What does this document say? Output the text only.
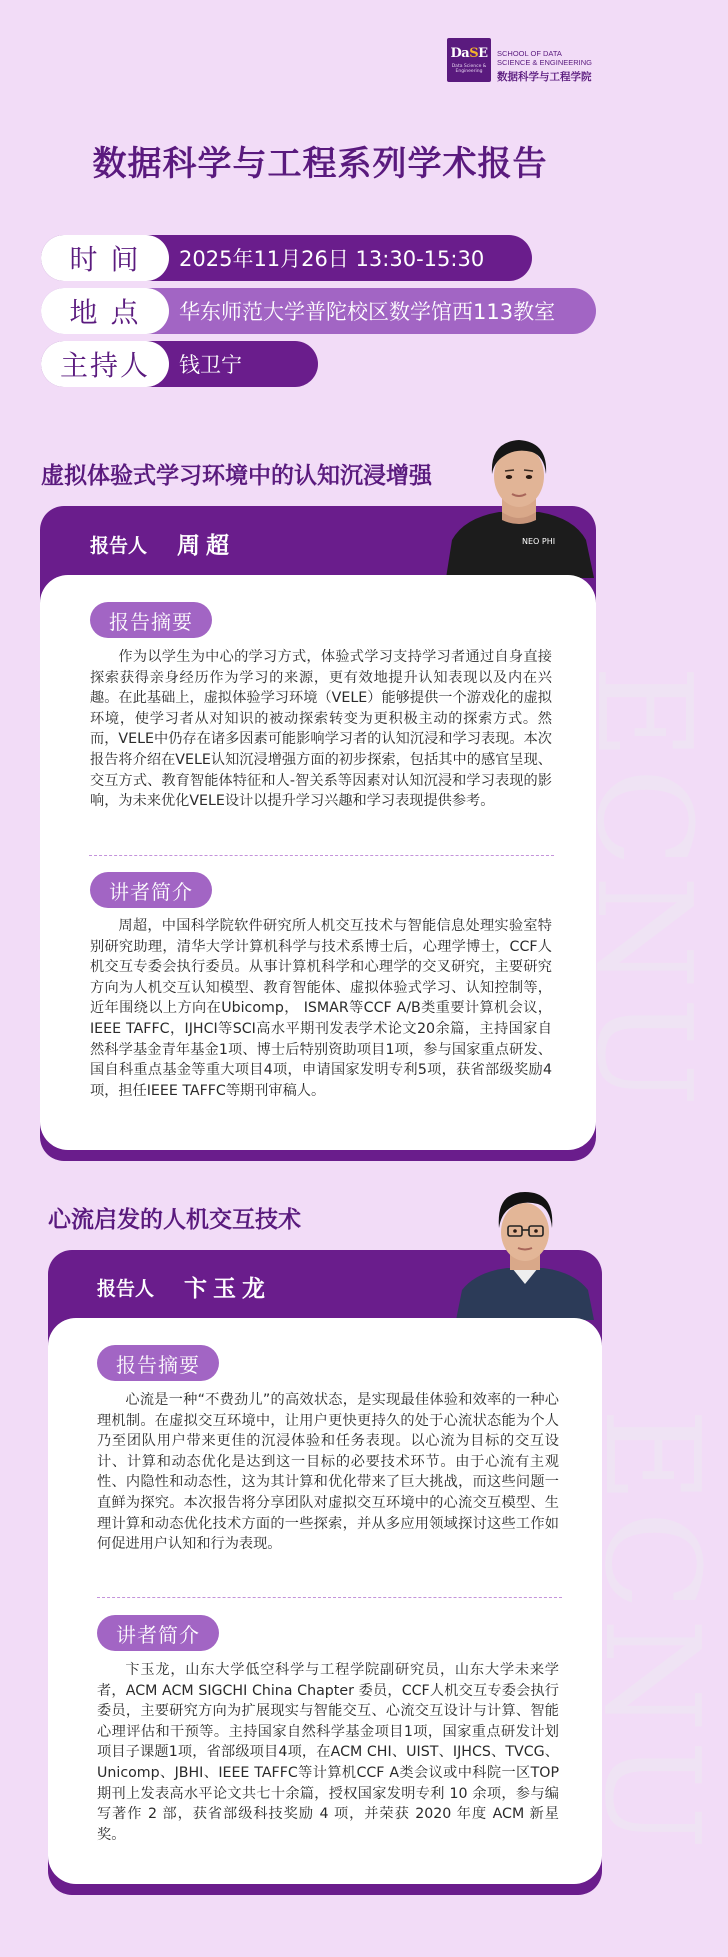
DaSE
Data Science & Engineering
SCHOOL OF DATA
SCIENCE & ENGINEERING
数据科学与工程学院
数据科学与工程系列学术报告
时 间	2025年11月26日 13:30-15:30
地 点	华东师范大学普陀校区数学馆西113教室
主持人	钱卫宁
虚拟体验式学习环境中的认知沉浸增强
报告人 周超	NEO PHI
ECNU
报告摘要
作为以学生为中心的学习方式，体验式学习支持学习者通过自身直接探索获得亲身经历作为学习的来源，更有效地提升认知表现以及内在兴趣。在此基础上，虚拟体验学习环境（VELE）能够提供一个游戏化的虚拟环境，使学习者从对知识的被动探索转变为更积极主动的探索方式。然而，VELE中仍存在诸多因素可能影响学习者的认知沉浸和学习表现。本次报告将介绍在VELE认知沉浸增强方面的初步探索，包括其中的感官呈现、交互方式、教育智能体特征和人-智关系等因素对认知沉浸和学习表现的影响，为未来优化VELE设计以提升学习兴趣和学习表现提供参考。
讲者简介
周超，中国科学院软件研究所人机交互技术与智能信息处理实验室特别研究助理，清华大学计算机科学与技术系博士后，心理学博士，CCF人机交互专委会执行委员。从事计算机科学和心理学的交叉研究，主要研究方向为人机交互认知模型、教育智能体、虚拟体验式学习、认知控制等，近年围绕以上方向在Ubicomp， ISMAR等CCF A/B类重要计算机会议，IEEE TAFFC，IJHCI等SCI高水平期刊发表学术论文20余篇，主持国家自然科学基金青年基金1项、博士后特别资助项目1项，参与国家重点研发、国自科重点基金等重大项目4项，申请国家发明专利5项，获省部级奖励4项，担任IEEE TAFFC等期刊审稿人。
心流启发的人机交互技术
报告人 卞玉龙
ECNU
报告摘要
心流是一种“不费劲儿”的高效状态，是实现最佳体验和效率的一种心理机制。在虚拟交互环境中，让用户更快更持久的处于心流状态能为个人乃至团队用户带来更佳的沉浸体验和任务表现。以心流为目标的交互设计、计算和动态优化是达到这一目标的必要技术环节。由于心流有主观性、内隐性和动态性，这为其计算和优化带来了巨大挑战，而这些问题一直鲜为探究。本次报告将分享团队对虚拟交互环境中的心流交互模型、生理计算和动态优化技术方面的一些探索，并从多应用领域探讨这些工作如何促进用户认知和行为表现。
讲者简介
卞玉龙，山东大学低空科学与工程学院副研究员，山东大学未来学者，ACM ACM SIGCHI China Chapter 委员，CCF人机交互专委会执行委员，主要研究方向为扩展现实与智能交互、心流交互设计与计算、智能心理评估和干预等。主持国家自然科学基金项目1项，国家重点研发计划项目子课题1项，省部级项目4项，在ACM CHI、UIST、IJHCS、TVCG、Unicomp、JBHI、IEEE TAFFC等计算机CCF A类会议或中科院一区TOP期刊上发表高水平论文共七十余篇，授权国家发明专利 10 余项，参与编写著作 2 部，获省部级科技奖励 4 项，并荣获 2020 年度 ACM 新星奖。
